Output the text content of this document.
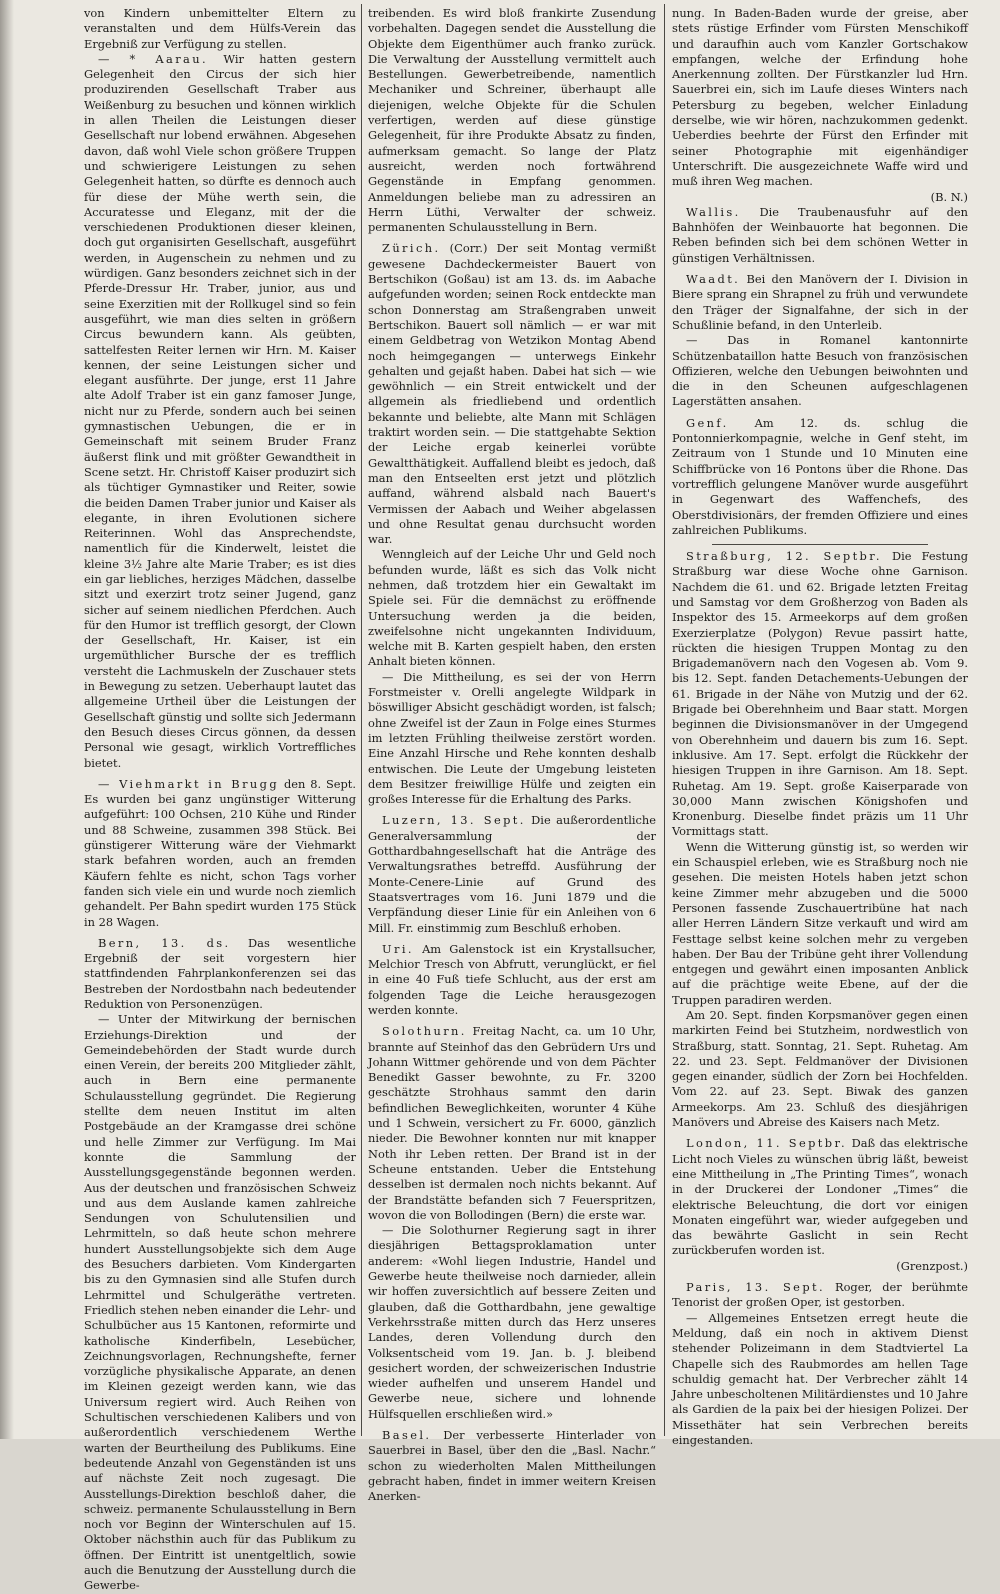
von Kindern unbemittelter Eltern zu veranstalten und dem Hülfs-Verein das Ergebniß zur Verfügung zu stellen.

— * Aarau. Wir hatten gestern Gelegenheit den Circus der sich hier produzirenden Gesellschaft Traber aus Weißenburg zu besuchen und können wirklich in allen Theilen die Leistungen dieser Gesellschaft nur lobend erwähnen. Abgesehen davon, daß wohl Viele schon größere Truppen und schwierigere Leistungen zu sehen Gelegenheit hatten, so dürfte es dennoch auch für diese der Mühe werth sein, die Accuratesse und Eleganz, mit der die verschiedenen Produktionen dieser kleinen, doch gut organisirten Gesellschaft, ausgeführt werden, in Augenschein zu nehmen und zu würdigen. Ganz besonders zeichnet sich in der Pferde-Dressur Hr. Traber, junior, aus und seine Exerzitien mit der Rollkugel sind so fein ausgeführt, wie man dies selten in größern Circus bewundern kann. Als geübten, sattelfesten Reiter lernen wir Hrn. M. Kaiser kennen, der seine Leistungen sicher und elegant ausführte. Der junge, erst 11 Jahre alte Adolf Traber ist ein ganz famoser Junge, nicht nur zu Pferde, sondern auch bei seinen gymnastischen Uebungen, die er in Gemeinschaft mit seinem Bruder Franz äußerst flink und mit größter Gewandtheit in Scene setzt. Hr. Christoff Kaiser produzirt sich als tüchtiger Gymnastiker und Reiter, sowie die beiden Damen Traber junior und Kaiser als elegante, in ihren Evolutionen sichere Reiterinnen. Wohl das Ansprechendste, namentlich für die Kinderwelt, leistet die kleine 3½ Jahre alte Marie Traber; es ist dies ein gar liebliches, herziges Mädchen, dasselbe sitzt und exerzirt trotz seiner Jugend, ganz sicher auf seinem niedlichen Pferdchen. Auch für den Humor ist trefflich gesorgt, der Clown der Gesellschaft, Hr. Kaiser, ist ein urgemüthlicher Bursche der es trefflich versteht die Lachmuskeln der Zuschauer stets in Bewegung zu setzen. Ueberhaupt lautet das allgemeine Urtheil über die Leistungen der Gesellschaft günstig und sollte sich Jedermann den Besuch dieses Circus gönnen, da dessen Personal wie gesagt, wirklich Vortreffliches bietet.

— Viehmarkt in Brugg den 8. Sept. Es wurden bei ganz ungünstiger Witterung aufgeführt: 100 Ochsen, 210 Kühe und Rinder und 88 Schweine, zusammen 398 Stück. Bei günstigerer Witterung wäre der Viehmarkt stark befahren worden, auch an fremden Käufern fehlte es nicht, schon Tags vorher fanden sich viele ein und wurde noch ziemlich gehandelt. Per Bahn spedirt wurden 175 Stück in 28 Wagen.

Bern, 13. ds. Das wesentliche Ergebniß der seit vorgestern hier stattfindenden Fahrplankonferenzen sei das Bestreben der Nordostbahn nach bedeutender Reduktion von Personenzügen.

— Unter der Mitwirkung der bernischen Erziehungs-Direktion und der Gemeindebehörden der Stadt wurde durch einen Verein, der bereits 200 Mitglieder zählt, auch in Bern eine permanente Schulausstellung gegründet. Die Regierung stellte dem neuen Institut im alten Postgebäude an der Kramgasse drei schöne und helle Zimmer zur Verfügung. Im Mai konnte die Sammlung der Ausstellungsgegenstände begonnen werden. Aus der deutschen und französischen Schweiz und aus dem Auslande kamen zahlreiche Sendungen von Schulutensilien und Lehrmitteln, so daß heute schon mehrere hundert Ausstellungsobjekte sich dem Auge des Besuchers darbieten. Vom Kindergarten bis zu den Gymnasien sind alle Stufen durch Lehrmittel und Schulgeräthe vertreten. Friedlich stehen neben einander die Lehr- und Schulbücher aus 15 Kantonen, reformirte und katholische Kinderfibeln, Lesebücher, Zeichnungsvorlagen, Rechnungshefte, ferner vorzügliche physikalische Apparate, an denen im Kleinen gezeigt werden kann, wie das Universum regiert wird. Auch Reihen von Schultischen verschiedenen Kalibers und von außerordentlich verschiedenem Werthe warten der Beurtheilung des Publikums. Eine bedeutende Anzahl von Gegenständen ist uns auf nächste Zeit noch zugesagt. Die Ausstellungs-Direktion beschloß daher, die schweiz. permanente Schulausstellung in Bern noch vor Beginn der Winterschulen auf 15. Oktober nächsthin auch für das Publikum zu öffnen. Der Eintritt ist unentgeltlich, sowie auch die Benutzung der Ausstellung durch die Gewerbe-

treibenden. Es wird bloß frankirte Zusendung vorbehalten. Dagegen sendet die Ausstellung die Objekte dem Eigenthümer auch franko zurück. Die Verwaltung der Ausstellung vermittelt auch Bestellungen. Gewerbetreibende, namentlich Mechaniker und Schreiner, überhaupt alle diejenigen, welche Objekte für die Schulen verfertigen, werden auf diese günstige Gelegenheit, für ihre Produkte Absatz zu finden, aufmerksam gemacht. So lange der Platz ausreicht, werden noch fortwährend Gegenstände in Empfang genommen. Anmeldungen beliebe man zu adressiren an Herrn Lüthi, Verwalter der schweiz. permanenten Schulausstellung in Bern.

Zürich. (Corr.) Der seit Montag vermißt gewesene Dachdeckermeister Bauert von Bertschikon (Goßau) ist am 13. ds. im Aabache aufgefunden worden; seinen Rock entdeckte man schon Donnerstag am Straßengraben unweit Bertschikon. Bauert soll nämlich — er war mit einem Geldbetrag von Wetzikon Montag Abend noch heimgegangen — unterwegs Einkehr gehalten und gejaßt haben. Dabei hat sich — wie gewöhnlich — ein Streit entwickelt und der allgemein als friedliebend und ordentlich bekannte und beliebte, alte Mann mit Schlägen traktirt worden sein. — Die stattgehabte Sektion der Leiche ergab keinerlei vorübte Gewaltthätigkeit. Auffallend bleibt es jedoch, daß man den Entseelten erst jetzt und plötzlich auffand, während alsbald nach Bauert's Vermissen der Aabach und Weiher abgelassen und ohne Resultat genau durchsucht worden war.

Wenngleich auf der Leiche Uhr und Geld noch befunden wurde, läßt es sich das Volk nicht nehmen, daß trotzdem hier ein Gewaltakt im Spiele sei. Für die demnächst zu eröffnende Untersuchung werden ja die beiden, zweifelsohne nicht ungekannten Individuum, welche mit B. Karten gespielt haben, den ersten Anhalt bieten können.

— Die Mittheilung, es sei der von Herrn Forstmeister v. Orelli angelegte Wildpark in böswilliger Absicht geschädigt worden, ist falsch; ohne Zweifel ist der Zaun in Folge eines Sturmes im letzten Frühling theilweise zerstört worden. Eine Anzahl Hirsche und Rehe konnten deshalb entwischen. Die Leute der Umgebung leisteten dem Besitzer freiwillige Hülfe und zeigten ein großes Interesse für die Erhaltung des Parks.

Luzern, 13. Sept. Die außerordentliche Generalversammlung der Gotthardbahngesellschaft hat die Anträge des Verwaltungsrathes betreffd. Ausführung der Monte-Cenere-Linie auf Grund des Staatsvertrages vom 16. Juni 1879 und die Verpfändung dieser Linie für ein Anleihen von 6 Mill. Fr. einstimmig zum Beschluß erhoben.

Uri. Am Galenstock ist ein Krystallsucher, Melchior Tresch von Abfrutt, verunglückt, er fiel in eine 40 Fuß tiefe Schlucht, aus der erst am folgenden Tage die Leiche herausgezogen werden konnte.

Solothurn. Freitag Nacht, ca. um 10 Uhr, brannte auf Steinhof das den Gebrüdern Urs und Johann Wittmer gehörende und von dem Pächter Benedikt Gasser bewohnte, zu Fr. 3200 geschätzte Strohhaus sammt den darin befindlichen Beweglichkeiten, worunter 4 Kühe und 1 Schwein, versichert zu Fr. 6000, gänzlich nieder. Die Bewohner konnten nur mit knapper Noth ihr Leben retten. Der Brand ist in der Scheune entstanden. Ueber die Entstehung desselben ist dermalen noch nichts bekannt. Auf der Brandstätte befanden sich 7 Feuerspritzen, wovon die von Bollodingen (Bern) die erste war.

— Die Solothurner Regierung sagt in ihrer diesjährigen Bettagsproklamation unter anderem: «Wohl liegen Industrie, Handel und Gewerbe heute theilweise noch darnieder, allein wir hoffen zuversichtlich auf bessere Zeiten und glauben, daß die Gotthardbahn, jene gewaltige Verkehrsstraße mitten durch das Herz unseres Landes, deren Vollendung durch den Volksentscheid vom 19. Jan. b. J. bleibend gesichert worden, der schweizerischen Industrie wieder aufhelfen und unserem Handel und Gewerbe neue, sichere und lohnende Hülfsquellen erschließen wird.»

Basel. Der verbesserte Hinterlader von Sauerbrei in Basel, über den die „Basl. Nachr.“ schon zu wiederholten Malen Mittheilungen gebracht haben, findet in immer weitern Kreisen Anerken-

nung. In Baden-Baden wurde der greise, aber stets rüstige Erfinder vom Fürsten Menschikoff und daraufhin auch vom Kanzler Gortschakow empfangen, welche der Erfindung hohe Anerkennung zollten. Der Fürstkanzler lud Hrn. Sauerbrei ein, sich im Laufe dieses Winters nach Petersburg zu begeben, welcher Einladung derselbe, wie wir hören, nachzukommen gedenkt. Ueberdies beehrte der Fürst den Erfinder mit seiner Photographie mit eigenhändiger Unterschrift. Die ausgezeichnete Waffe wird und muß ihren Weg machen.
(B. N.)

Wallis. Die Traubenausfuhr auf den Bahnhöfen der Weinbauorte hat begonnen. Die Reben befinden sich bei dem schönen Wetter in günstigen Verhältnissen.

Waadt. Bei den Manövern der I. Division in Biere sprang ein Shrapnel zu früh und verwundete den Träger der Signalfahne, der sich in der Schußlinie befand, in den Unterleib.

— Das in Romanel kantonnirte Schützenbataillon hatte Besuch von französischen Offizieren, welche den Uebungen beiwohnten und die in den Scheunen aufgeschlagenen Lagerstätten ansahen.

Genf. Am 12. ds. schlug die Pontonnierkompagnie, welche in Genf steht, im Zeitraum von 1 Stunde und 10 Minuten eine Schiffbrücke von 16 Pontons über die Rhone. Das vortrefflich gelungene Manöver wurde ausgeführt in Gegenwart des Waffenchefs, des Oberstdivisionärs, der fremden Offiziere und eines zahlreichen Publikums.

Straßburg, 12. Septbr. Die Festung Straßburg war diese Woche ohne Garnison. Nachdem die 61. und 62. Brigade letzten Freitag und Samstag vor dem Großherzog von Baden als Inspektor des 15. Armeekorps auf dem großen Exerzierplatze (Polygon) Revue passirt hatte, rückten die hiesigen Truppen Montag zu den Brigademanövern nach den Vogesen ab. Vom 9. bis 12. Sept. fanden Detachements-Uebungen der 61. Brigade in der Nähe von Mutzig und der 62. Brigade bei Oberehnheim und Baar statt. Morgen beginnen die Divisionsmanöver in der Umgegend von Oberehnheim und dauern bis zum 16. Sept. inklusive. Am 17. Sept. erfolgt die Rückkehr der hiesigen Truppen in ihre Garnison. Am 18. Sept. Ruhetag. Am 19. Sept. große Kaiserparade von 30,000 Mann zwischen Königshofen und Kronenburg. Dieselbe findet präzis um 11 Uhr Vormittags statt.

Wenn die Witterung günstig ist, so werden wir ein Schauspiel erleben, wie es Straßburg noch nie gesehen. Die meisten Hotels haben jetzt schon keine Zimmer mehr abzugeben und die 5000 Personen fassende Zuschauertribüne hat nach aller Herren Ländern Sitze verkauft und wird am Festtage selbst keine solchen mehr zu vergeben haben. Der Bau der Tribüne geht ihrer Vollendung entgegen und gewährt einen imposanten Anblick auf die prächtige weite Ebene, auf der die Truppen paradiren werden.

Am 20. Sept. finden Korpsmanöver gegen einen markirten Feind bei Stutzheim, nordwestlich von Straßburg, statt. Sonntag, 21. Sept. Ruhetag. Am 22. und 23. Sept. Feldmanöver der Divisionen gegen einander, südlich der Zorn bei Hochfelden. Vom 22. auf 23. Sept. Biwak des ganzen Armeekorps. Am 23. Schluß des diesjährigen Manövers und Abreise des Kaisers nach Metz.

London, 11. Septbr. Daß das elektrische Licht noch Vieles zu wünschen übrig läßt, beweist eine Mittheilung in „The Printing Times“, wonach in der Druckerei der Londoner „Times“ die elektrische Beleuchtung, die dort vor einigen Monaten eingeführt war, wieder aufgegeben und das bewährte Gaslicht in sein Recht zurückberufen worden ist.
(Grenzpost.)

Paris, 13. Sept. Roger, der berühmte Tenorist der großen Oper, ist gestorben.

— Allgemeines Entsetzen erregt heute die Meldung, daß ein noch in aktivem Dienst stehender Polizeimann in dem Stadtviertel La Chapelle sich des Raubmordes am hellen Tage schuldig gemacht hat. Der Verbrecher zählt 14 Jahre unbescholtenen Militärdienstes und 10 Jahre als Gardien de la paix bei der hiesigen Polizei. Der Missethäter hat sein Verbrechen bereits eingestanden.
